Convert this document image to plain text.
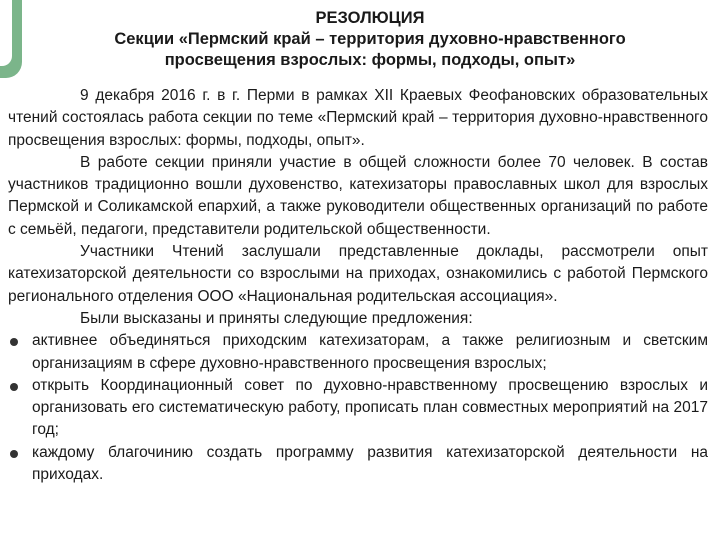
РЕЗОЛЮЦИЯ
Секции «Пермский край – территория духовно-нравственного
просвещения взрослых: формы, подходы, опыт»

9 декабря 2016 г. в г. Перми в рамках XII Краевых Феофановских образовательных чтений состоялась работа секции по теме «Пермский край – территория духовно-нравственного просвещения взрослых: формы, подходы, опыт».

В работе секции приняли участие в общей сложности более 70 человек. В состав участников традиционно вошли духовенство, катехизаторы православных школ для взрослых Пермской и Соликамской епархий, а также руководители общественных организаций по работе с семьёй, педагоги, представители родительской общественности.

Участники Чтений заслушали представленные доклады, рассмотрели опыт катехизаторской деятельности со взрослыми на приходах, ознакомились с работой Пермского регионального отделения ООО «Национальная родительская ассоциация».

Были высказаны и приняты следующие предложения:

активнее объединяться приходским катехизаторам, а также религиозным и светским организациям в сфере духовно-нравственного просвещения взрослых;
открыть Координационный совет по духовно-нравственному просвещению взрослых и организовать его систематическую работу, прописать план совместных мероприятий на 2017 год;
каждому благочинию создать программу развития катехизаторской деятельности на приходах.
